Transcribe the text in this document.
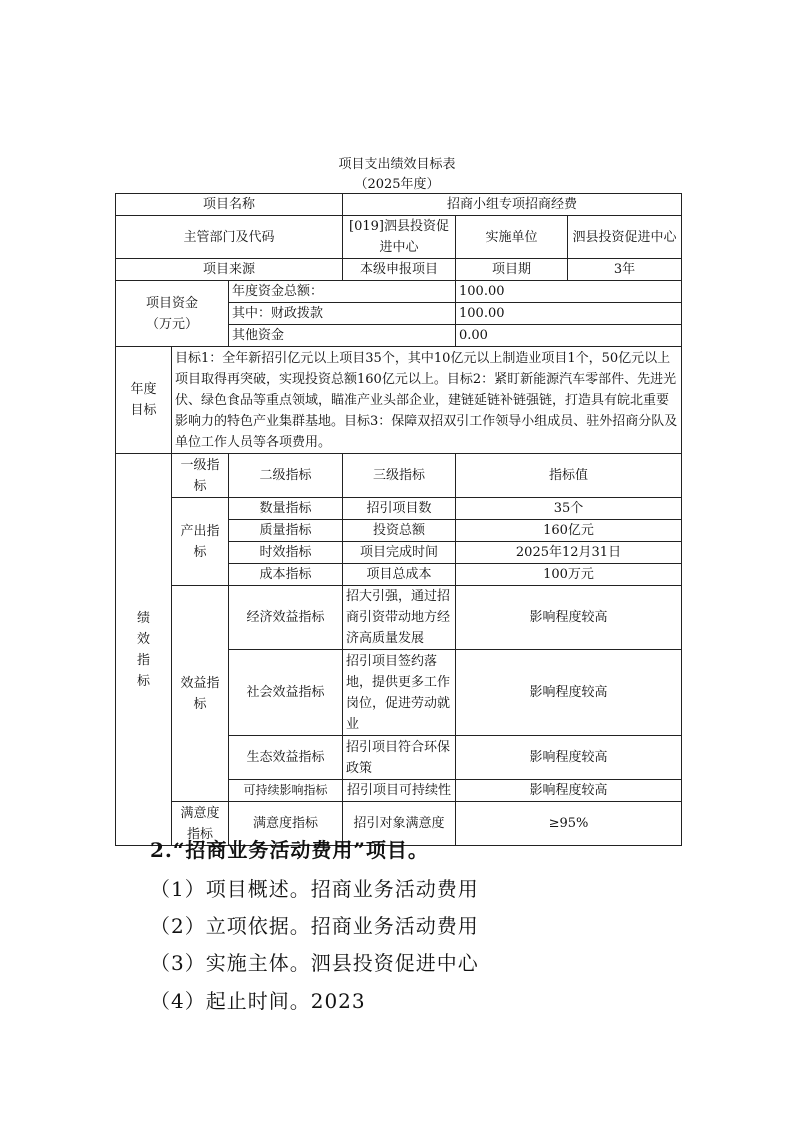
项目支出绩效目标表
（2025年度）
项目名称			招商小组专项招商经费		
主管部门及代码			[019]泗县投资促进中心	实施单位	泗县投资促进中心
项目来源			本级申报项目	项目期	3年

项目资金
（万元）		年度资金总额：		100.00	
		其中：财政拨款		100.00	
		其他资金		0.00	

年度
目标	目标1：全年新招引亿元以上项目35个，其中10亿元以上制造业项目1个，50亿元以上项目取得再突破，实现投资总额160亿元以上。目标2：紧盯新能源汽车零部件、先进光伏、绿色食品等重点领域，瞄准产业头部企业，建链延链补链强链，打造具有皖北重要影响力的特色产业集群基地。目标3：保障双招双引工作领导小组成员、驻外招商分队及单位工作人员等各项费用。				

绩
效
指
标	一级指标	二级指标	三级指标	指标值	
	产出指标	数量指标	招引项目数	35个	
		质量指标	投资总额	160亿元	
		时效指标	项目完成时间	2025年12月31日	
		成本指标	项目总成本	100万元	
	效益指标	经济效益指标	招大引强，通过招商引资带动地方经济高质量发展	影响程度较高	
		社会效益指标	招引项目签约落地，提供更多工作岗位，促进劳动就业	影响程度较高	
		生态效益指标	招引项目符合环保政策	影响程度较高	
		可持续影响指标	招引项目可持续性	影响程度较高	
	满意度指标	满意度指标	招引对象满意度	≥95%	
2.“招商业务活动费用”项目。
（1）项目概述。招商业务活动费用
（2）立项依据。招商业务活动费用
（3）实施主体。泗县投资促进中心
（4）起止时间。2023
